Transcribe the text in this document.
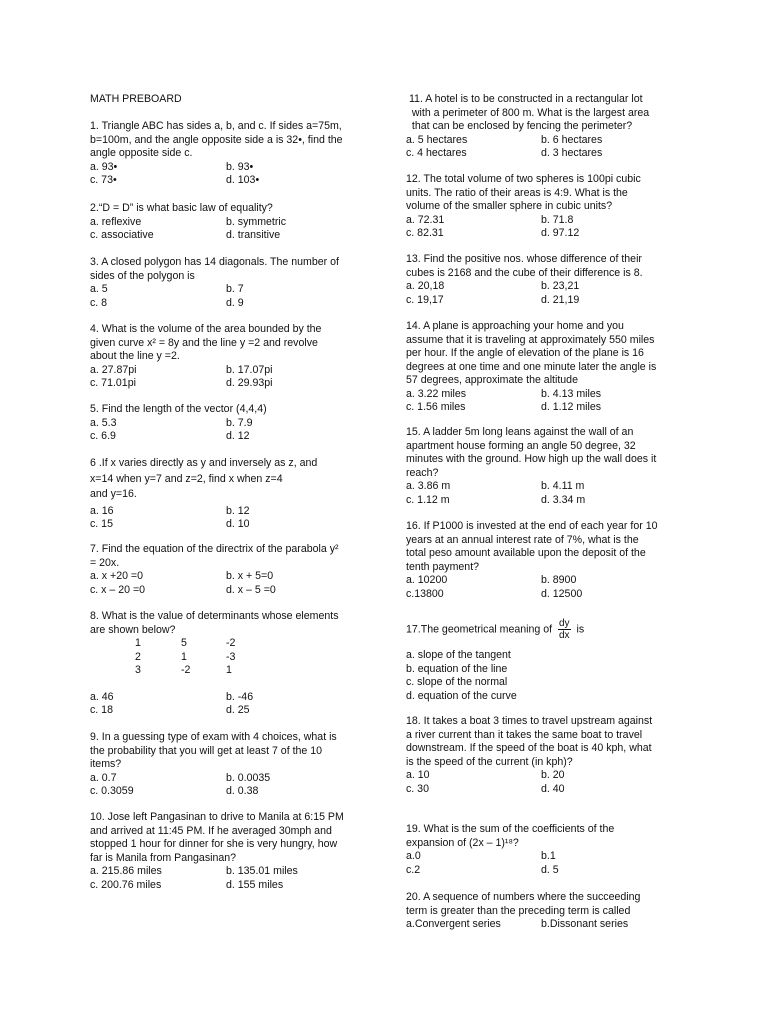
MATH PREBOARD
1. Triangle ABC has sides a, b, and c. If sides a=75m,
b=100m, and the angle opposite side a is 32•, find the
angle opposite side c.
a. 93•	b. 93•
c. 73•	d. 103•
2.“D = D” is what basic law of equality?
a. reflexive	b. symmetric
c. associative	d. transitive
3. A closed polygon has 14 diagonals. The number of
sides of the polygon is
a. 5	b. 7
c. 8	d. 9
4. What is the volume of the area bounded by the
given curve x² = 8y and the line y =2 and revolve
about the line y =2.
a. 27.87pi	b. 17.07pi
c. 71.01pi	d. 29.93pi
5. Find the length of the vector (4,4,4)
a. 5.3	b. 7.9
c. 6.9	d. 12
6 .If x varies directly as y and inversely as z, and
x=14 when y=7 and z=2, find x when z=4
and y=16.
a. 16	b. 12
c. 15	d. 10
7. Find the equation of the directrix of the parabola y²
= 20x.
a. x +20 =0	b. x + 5=0
c. x – 20 =0	d. x – 5 =0
8. What is the value of determinants whose elements
are shown below?
1	5	-2
2	1	-3
3	-2	1
a. 46	b. -46
c. 18	d. 25
9. In a guessing type of exam with 4 choices, what is
the probability that you will get at least 7 of the 10
items?
a. 0.7	b. 0.0035
c. 0.3059	d. 0.38
10. Jose left Pangasinan to drive to Manila at 6:15 PM
and arrived at 11:45 PM. If he averaged 30mph and
stopped 1 hour for dinner for she is very hungry, how
far is Manila from Pangasinan?
a. 215.86 miles	b. 135.01 miles
c. 200.76 miles	d. 155 miles
11. A hotel is to be constructed in a rectangular lot
with a perimeter of 800 m. What is the largest area
that can be enclosed by fencing the perimeter?
a. 5 hectares	b. 6 hectares
c. 4 hectares	d. 3 hectares
12. The total volume of two spheres is 100pi cubic
units. The ratio of their areas is 4:9. What is the
volume of the smaller sphere in cubic units?
a. 72.31	b. 71.8
c. 82.31	d. 97.12
13. Find the positive nos. whose difference of their
cubes is 2168 and the cube of their difference is 8.
a. 20,18	b. 23,21
c. 19,17	d. 21,19
14. A plane is approaching your home and you
assume that it is traveling at approximately 550 miles
per hour. If the angle of elevation of the plane is 16
degrees at one time and one minute later the angle is
57 degrees, approximate the altitude
a. 3.22 miles	b. 4.13 miles
c. 1.56 miles	d. 1.12 miles
15. A ladder 5m long leans against the wall of an
apartment house forming an angle 50 degree, 32
minutes with the ground. How high up the wall does it
reach?
a. 3.86 m	b. 4.11 m
c. 1.12 m	d. 3.34 m
16. If P1000 is invested at the end of each year for 10
years at an annual interest rate of 7%, what is the
total peso amount available upon the deposit of the
tenth payment?
a. 10200	b. 8900
c.13800	d. 12500
17.The geometrical meaning of $\frac{dy}{dx}$ is
a. slope of the tangent
b. equation of the line
c. slope of the normal
d. equation of the curve
18. It takes a boat 3 times to travel upstream against
a river current than it takes the same boat to travel
downstream. If the speed of the boat is 40 kph, what
is the speed of the current (in kph)?
a. 10	b. 20
c. 30	d. 40
19. What is the sum of the coefficients of the
expansion of (2x – 1)¹⁸?
a.0	b.1
c.2	d. 5
20. A sequence of numbers where the succeeding
term is greater than the preceding term is called
a.Convergent series	b.Dissonant series
